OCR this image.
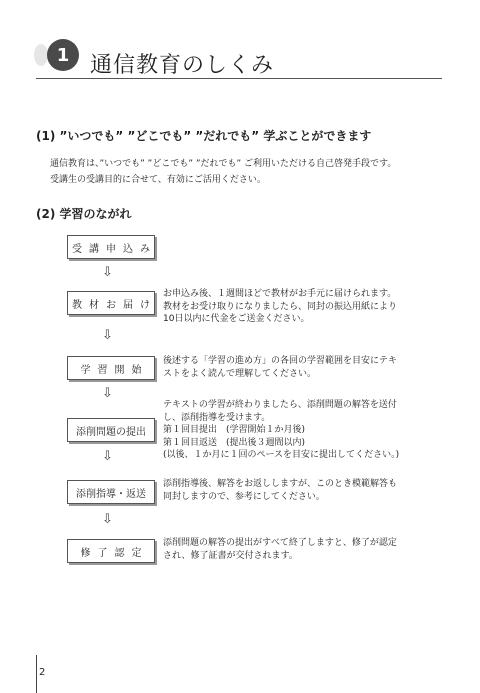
1 通信教育のしくみ
(1) ”いつでも” ”どこでも” ”だれでも” 学ぶことができます
通信教育は、”いつでも” ”どこでも” ”だれでも” ご利用いただける自己啓発手段です。
受講生の受講目的に合せて、有効にご活用ください。
(2) 学習のながれ
受講申込み
⇩
教材お届け
お申込み後、１週間ほどで教材がお手元に届けられます。
教材をお受け取りになりましたら、同封の振込用紙により
10日以内に代金をご送金ください。
⇩
学習開始
後述する「学習の進め方」の各回の学習範囲を目安にテキ
ストをよく読んで理解してください。
⇩
添削問題の提出
テキストの学習が終わりましたら、添削問題の解答を送付
し、添削指導を受けます。
第１回目提出　(学習開始１か月後)
第１回目返送　(提出後３週間以内)
(以後、１か月に１回のペースを目安に提出してください。)
⇩
添削指導・返送
添削指導後、解答をお返ししますが、このとき模範解答も
同封しますので、参考にしてください。
⇩
修了認定
添削問題の解答の提出がすべて終了しますと、修了が認定
され、修了証書が交付されます。
2
